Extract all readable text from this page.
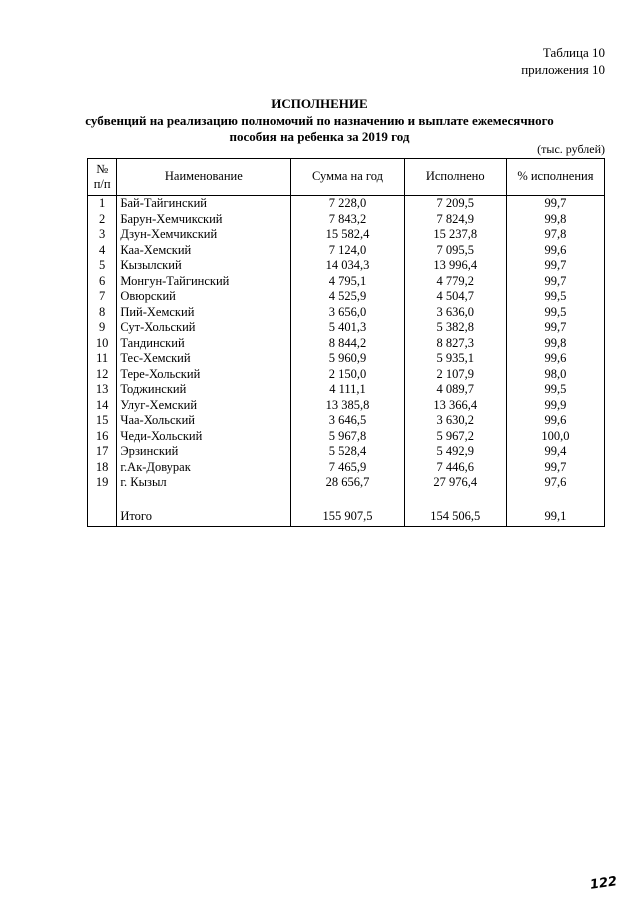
Таблица 10
приложения 10
ИСПОЛНЕНИЕ
субвенций на реализацию полномочий по назначению и выплате ежемесячного
пособия на ребенка за 2019 год
(тыс. рублей)
№
п/п	Наименование	Сумма на год	Исполнено	% исполнения
1	Бай-Тайгинский	7 228,0	7 209,5	99,7
2	Барун-Хемчикский	7 843,2	7 824,9	99,8
3	Дзун-Хемчикский	15 582,4	15 237,8	97,8
4	Каа-Хемский	7 124,0	7 095,5	99,6
5	Кызылский	14 034,3	13 996,4	99,7
6	Монгун-Тайгинский	4 795,1	4 779,2	99,7
7	Овюрский	4 525,9	4 504,7	99,5
8	Пий-Хемский	3 656,0	3 636,0	99,5
9	Сут-Хольский	5 401,3	5 382,8	99,7
10	Тандинский	8 844,2	8 827,3	99,8
11	Тес-Хемский	5 960,9	5 935,1	99,6
12	Тере-Хольский	2 150,0	2 107,9	98,0
13	Тоджинский	4 111,1	4 089,7	99,5
14	Улуг-Хемский	13 385,8	13 366,4	99,9
15	Чаа-Хольский	3 646,5	3 630,2	99,6
16	Чеди-Хольский	5 967,8	5 967,2	100,0
17	Эрзинский	5 528,4	5 492,9	99,4
18	г.Ак-Довурак	7 465,9	7 446,6	99,7
19	г. Кызыл	28 656,7	27 976,4	97,6

	Итого	155 907,5	154 506,5	99,1
122
